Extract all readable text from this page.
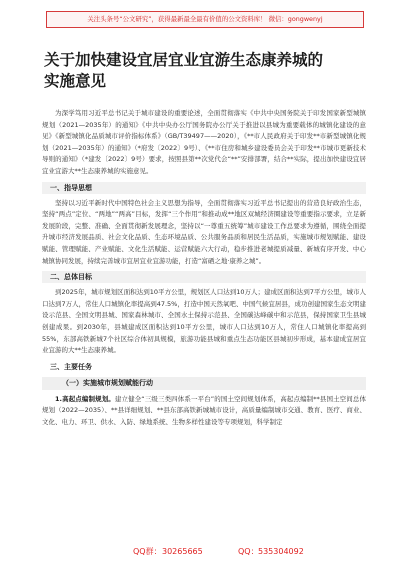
关注头条号“公文研究”，获得最新最全最有价值的公文资料库！ 微信：gongwenyj
关于加快建设宜居宜业宜游生态康养城的
实施意见

为深学笃用习近平总书记关于城市建设的重要论述，全面贯彻落实《中共中央国务院关于印发国家新型城镇规划（2021—2035年）的通知》《中共中央办公厅国务院办公厅关于推进以县城为重要载体的城镇化建设的意见》《新型城镇化品质城市评价指标体系》（GB/T39497——2020），《**市人民政府关于印发**市新型城镇化规划（2021—2035年）的通知》（*府发〔2022〕9号）、《**市住房和城乡建设委员会关于印发**市城市更新技术导则的通知》（*建发〔2022〕9号）要求，按照县第**次党代会“**”安排部署，结合**实际，提出加快建设宜居宜业宜游大**生态康养城的实施意见。

一、指导思想

坚持以习近平新时代中国特色社会主义思想为指导，全面贯彻落实习近平总书记提出的营造良好政治生态，坚持“两点”定位、“两地”“两高”目标，发挥“三个作用”和推动成**地区双城经济圈建设等重要指示要求，立足新发展阶段，完整、准确、全面贯彻新发展理念，坚持以“一尊重五统筹”城市建设工作总要求为遵循，围绕全面提升城市经济发展品质、社会文化品质、生态环境品质、公共服务品质和居民生活品质，实施城市规划赋能、建设赋能、管理赋能、产业赋能、文化生活赋能、运营赋能六大行动，稳步推进老城提质减量、新城有序开发、中心城镇协同发展，持续完善城市宜居宜业宜游功能，打造“富硒之地·康养之城”。

二、总体目标

到2025年，城市规划区面积达到10平方公里，规划区人口达到10万人；建成区面积达到7平方公里，城市人口达到7万人，常住人口城镇化率提高到47.5%，打造中国天然氧吧、中国气候宜居县，成功创建国家生态文明建设示范县、全国文明县城、国家森林城市、全国水土保持示范县、全国碳达峰碳中和示范县，保持国家卫生县城创建成果。到2030年，县城建成区面积达到10平方公里，城市人口达到10万人，常住人口城镇化率提高到55%，东部高铁新城7个社区综合体初具规模，旅游功能县城和重点生态功能区县城初步形成，基本建成宜居宜业宜游的大**生态康养城。

三、主要任务
（一）实施城市规划赋能行动

1.高起点编制规划。建立健全“三级三类四体系一平台”的国土空间规划体系，高起点编制**县国土空间总体规划（2022—2035）、**县详细规划、**县东部高铁新城城市设计，高质量编制城市交通、教育、医疗、商业、文化、电力、环卫、供水、入防、绿地系统、生物多样性建设等专项规划，科学制定

QQ群： 30265665	QQ： 535304092
